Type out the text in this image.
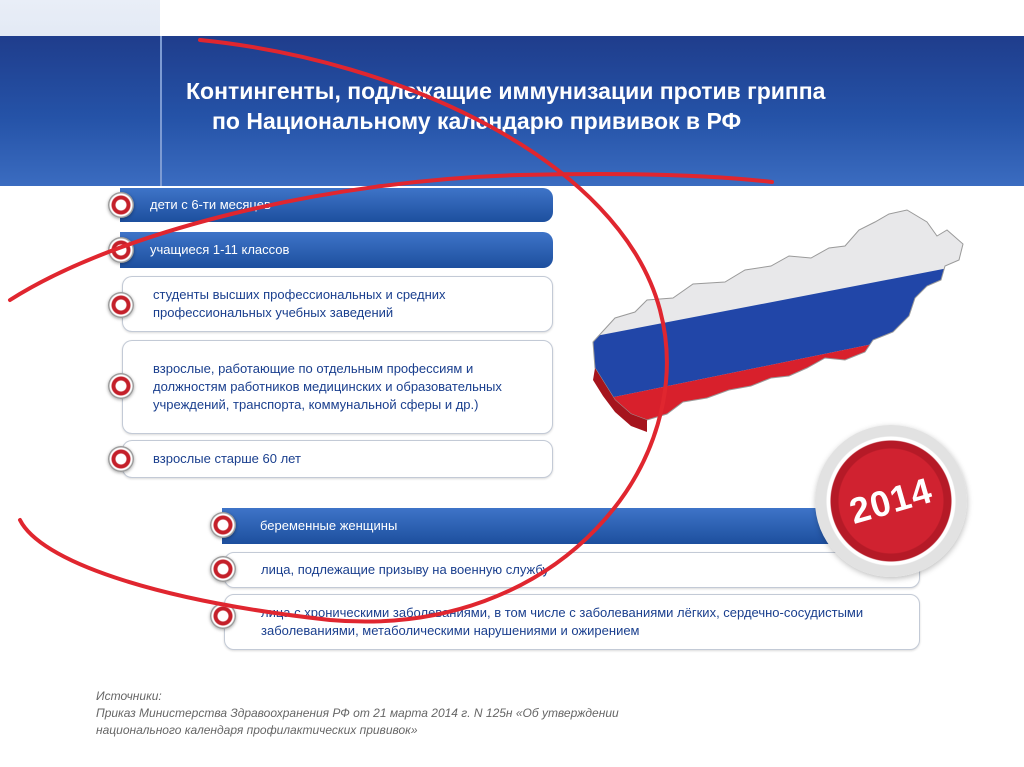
Контингенты, подлежащие иммунизации против гриппа
по Национальному календарю прививок в РФ
дети с 6-ти месяцев
учащиеся 1-11 классов
студенты высших профессиональных и средних профессиональных учебных заведений
взрослые, работающие по отдельным профессиям и должностям работников медицинских и образовательных учреждений, транспорта, коммунальной сферы и др.)
взрослые старше 60 лет
беременные женщины
лица, подлежащие призыву на военную службу
лица с хроническими заболеваниями, в том числе с заболеваниями лёгких, сердечно-сосудистыми заболеваниями, метаболическими нарушениями и ожирением
2014
Источники:
Приказ Министерства Здравоохранения РФ от 21 марта 2014 г. N 125н «Об утверждении
национального календаря профилактических прививок»
